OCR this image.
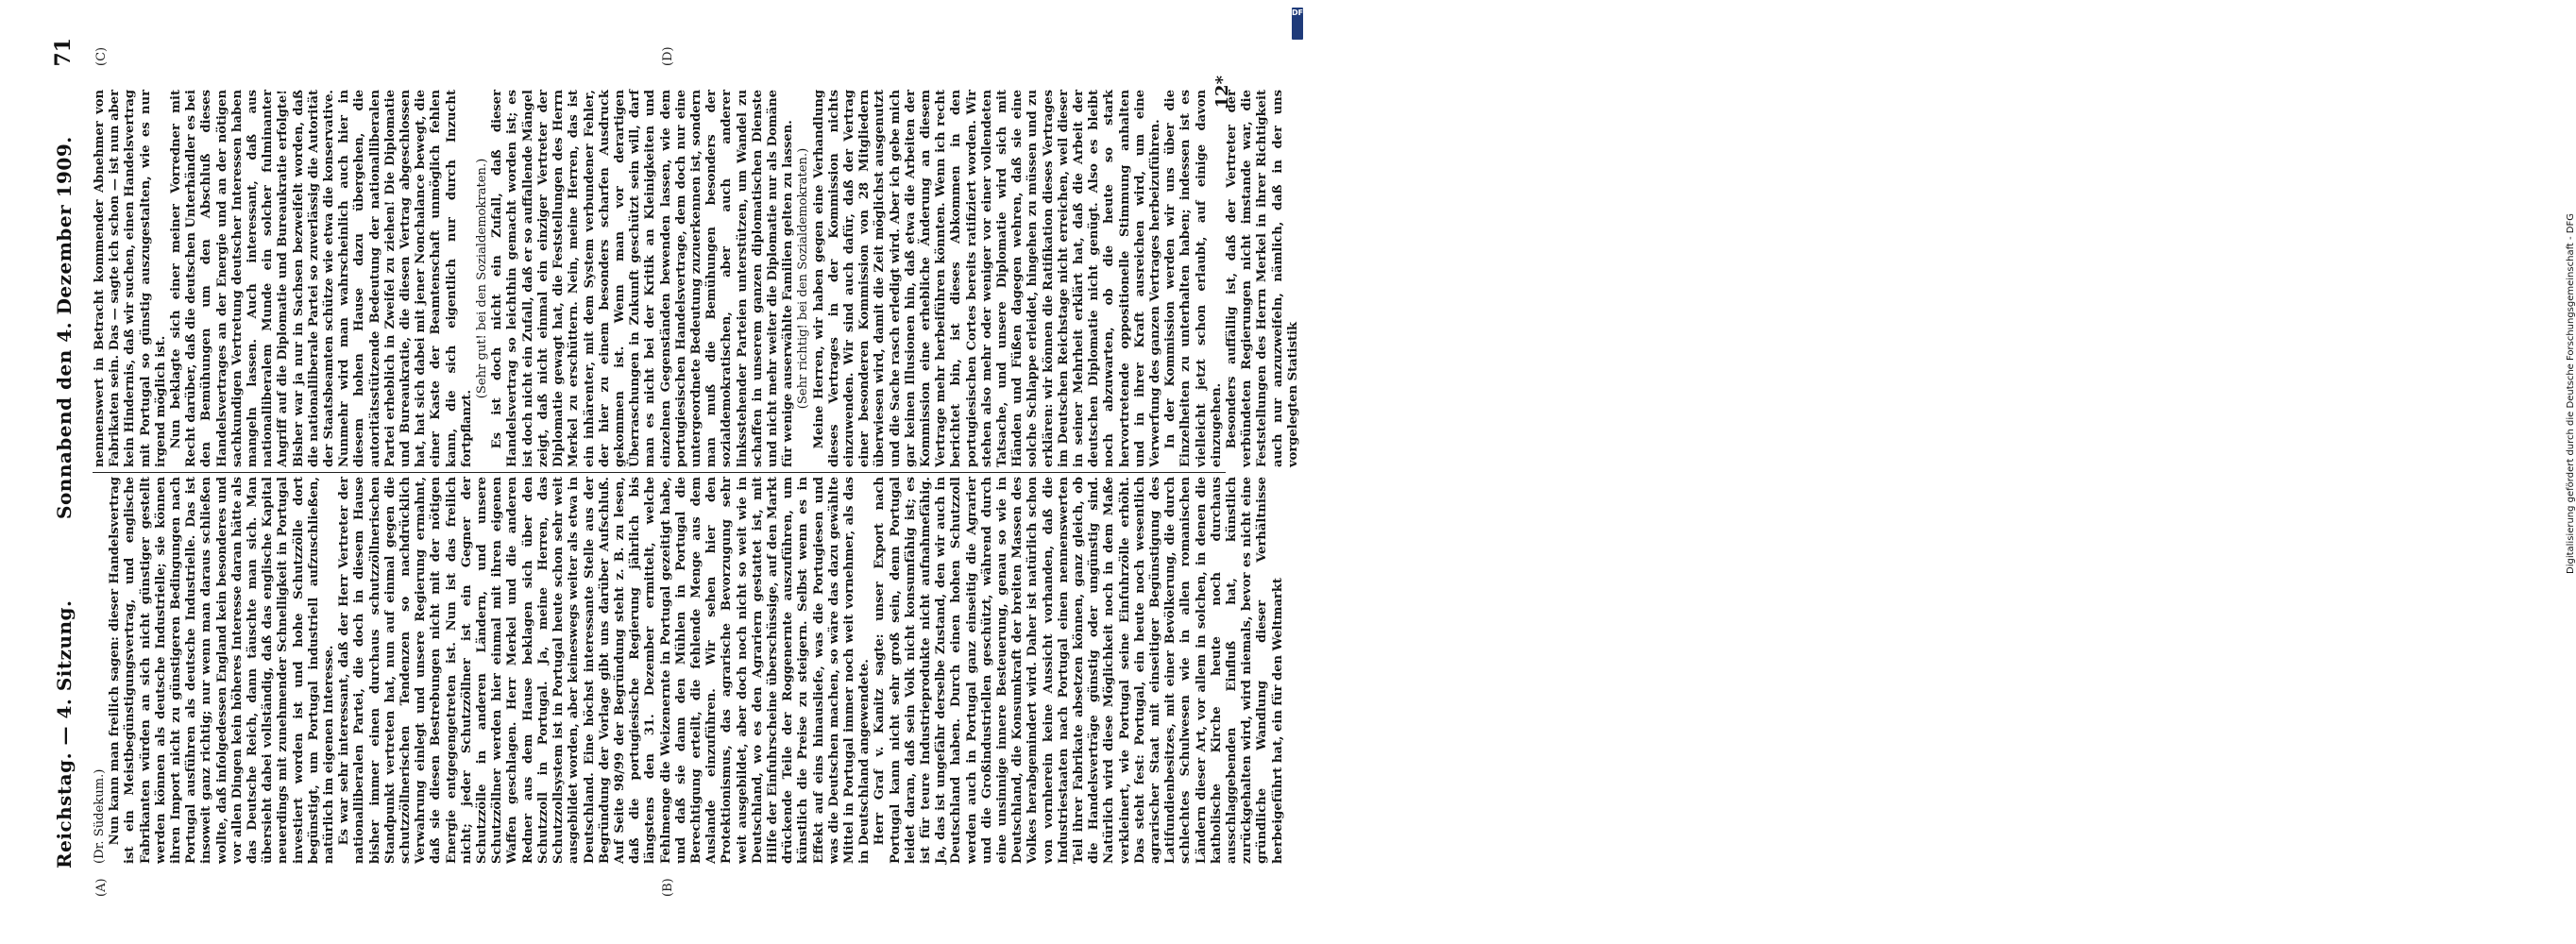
Reichstag. — 4. Sitzung.
Sonnabend den 4. Dezember 1909.
71
(A)	(B)
(C)	(D)
(Dr. Südekum.) Nun kann man freilich sagen: dieser Handelsvertrag ist ein Meistbegünstigungsvertrag, und englische Fabrikanten würden an sich nicht günstiger gestellt werden können als deutsche Industrielle; sie können ihren Import nicht zu günstigeren Bedingungen nach Portugal ausführen als deutsche Industrielle. Das ist insoweit ganz richtig; nur wenn man daraus schließen wollte, daß infolgedessen England kein besonderes und vor allen Dingen kein höheres Interesse daran hätte als das Deutsche Reich, dann täuschte man sich. Man übersieht dabei vollständig, daß das englische Kapital neuerdings mit zunehmender Schnelligkeit in Portugal investiert worden ist und hohe Schutzzölle dort begünstigt, um Portugal industriell aufzuschließen, natürlich im eigenen Interesse. Es war sehr interessant, daß der Herr Vertreter der nationalliberalen Partei, die doch in diesem Hause bisher immer einen durchaus schutzzöllnerischen Standpunkt vertreten hat, nun auf einmal gegen die schutzzöllnerischen Tendenzen so nachdrücklich Verwahrung einlegt und unsere Regierung ermahnt, daß sie diesen Bestrebungen nicht mit der nötigen Energie entgegengetreten ist. Nun ist das freilich nicht; jeder Schutzzöllner ist ein Gegner der Schutzzölle in anderen Ländern, und unsere Schutzzöllner werden hier einmal mit ihren eigenen Waffen geschlagen. Herr Merkel und die anderen Redner aus dem Hause beklagen sich über den Schutzzoll in Portugal. Ja, meine Herren, das Schutzzollsystem ist in Portugal heute schon sehr weit ausgebildet worden, aber keineswegs weiter als etwa in Deutschland. Eine höchst interessante Stelle aus der Begründung der Vorlage gibt uns darüber Aufschluß. Auf Seite 98/99 der Begründung steht z. B. zu lesen, daß die portugiesische Regierung jährlich bis längstens den 31. Dezember ermittelt, welche Fehlmenge die Weizenernte in Portugal gezeitigt habe, und daß sie dann den Mühlen in Portugal die Berechtigung erteilt, die fehlende Menge aus dem Auslande einzuführen. Wir sehen hier den Protektionismus, das agrarische Bevorzugung sehr weit ausgebildet, aber doch noch nicht so weit wie in Deutschland, wo es den Agrariern gestattet ist, mit Hilfe der Einfuhrscheine überschüssige, auf den Markt drückende Teile der Roggenernte auszuführen, um künstlich die Preise zu steigern. Selbst wenn es in Effekt auf eins hinausliefe, was die Portugiesen und was die Deutschen machen, so wäre das dazu gewählte Mittel in Portugal immer noch weit vornehmer, als das in Deutschland angewendete. Herr Graf v. Kanitz sagte: unser Export nach Portugal kann nicht sehr groß sein, denn Portugal leidet daran, daß sein Volk nicht konsumfähig ist; es ist für teure Industrieprodukte nicht aufnahmefähig. Ja, das ist ungefähr derselbe Zustand, den wir auch in Deutschland haben. Durch einen hohen Schutzzoll werden auch in Portugal ganz einseitig die Agrarier und die Großindustriellen geschützt, während durch eine unsinnige innere Besteuerung, genau so wie in Deutschland, die Konsumkraft der breiten Massen des Volkes herabgemindert wird. Daher ist natürlich schon von vornherein keine Aussicht vorhanden, daß die Industriestaaten nach Portugal einen nennenswerten Teil ihrer Fabrikate absetzen können, ganz gleich, ob die Handelsverträge günstig oder ungünstig sind. Natürlich wird diese Möglichkeit noch in dem Maße verkleinert, wie Portugal seine Einfuhrzölle erhöht. Das steht fest: Portugal, ein heute noch wesentlich agrarischer Staat mit einseitiger Begünstigung des Latifundienbesitzes, mit einer Bevölkerung, die durch schlechtes Schulwesen wie in allen romanischen Ländern dieser Art, vor allem in solchen, in denen die katholische Kirche heute noch durchaus ausschlaggebenden Einfluß hat, künstlich zurückgehalten wird, wird niemals, bevor es nicht eine gründliche Wandlung dieser Verhältnisse herbeigeführt hat, ein für den Weltmarkt

nennenswert in Betracht kommender Abnehmer von Fabrikaten sein. Das — sagte ich schon — ist nun aber kein Hindernis, daß wir suchen, einen Handelsvertrag mit Portugal so günstig auszugestalten, wie es nur irgend möglich ist. Nun beklagte sich einer meiner Vorredner mit Recht darüber, daß die deutschen Unterhändler es bei den Bemühungen um den Abschluß dieses Handelsvertrages an der Energie und an der nötigen sachkundigen Vertretung deutscher Interessen haben mangeln lassen. Auch interessant, daß aus nationalliberalem Munde ein solcher fulminanter Angriff auf die Diplomatie und Bureaukratie erfolgte! Bisher war ja nur in Sachsen bezweifelt worden, daß die nationalliberale Partei so zuverlässig die Autorität der Staatsbeamten schütze wie etwa die konservative. Nunmehr wird man wahrscheinlich auch hier in diesem hohen Hause dazu übergehen, die autoritätsstützende Bedeutung der nationalliberalen Partei erheblich in Zweifel zu ziehen! Die Diplomatie und Bureaukratie, die diesen Vertrag abgeschlossen hat, hat sich dabei mit jener Nonchalance bewegt, die einer Kaste der Beamtenschaft unmöglich fehlen kann, die sich eigentlich nur durch Inzucht fortpflanzt.

(Sehr gut! bei den Sozialdemokraten.) Es ist doch nicht ein Zufall, daß dieser Handelsvertrag so leichthin gemacht worden ist; es ist doch nicht ein Zufall, daß er so auffallende Mängel zeigt, daß nicht einmal ein einziger Vertreter der Diplomatie gewagt hat, die Feststellungen des Herrn Merkel zu erschüttern. Nein, meine Herren, das ist ein inhärenter, mit dem System verbundener Fehler, der hier zu einem besonders scharfen Ausdruck gekommen ist. Wenn man vor derartigen Überraschungen in Zukunft geschützt sein will, darf man es nicht bei der Kritik an Kleinigkeiten und einzelnen Gegenständen bewenden lassen, wie dem portugiesischen Handelsvertrage, dem doch nur eine untergeordnete Bedeutung zuzuerkennen ist, sondern man muß die Bemühungen besonders der sozialdemokratischen, aber auch anderer linksstehender Parteien unterstützen, um Wandel zu schaffen in unserem ganzen diplomatischen Dienste und nicht mehr weiter die Diplomatie nur als Domäne für wenige auserwählte Familien gelten zu lassen. (Sehr richtig! bei den Sozialdemokraten.) Meine Herren, wir haben gegen eine Verhandlung dieses Vertrages in der Kommission nichts einzuwenden. Wir sind auch dafür, daß der Vertrag einer besonderen Kommission von 28 Mitgliedern überwiesen wird, damit die Zeit möglichst ausgenutzt und die Sache rasch erledigt wird. Aber ich gebe mich gar keinen Illusionen hin, daß etwa die Arbeiten der Kommission eine erhebliche Änderung an diesem Vertrage mehr herbeiführen könnten. Wenn ich recht berichtet bin, ist dieses Abkommen in den portugiesischen Cortes bereits ratifiziert worden. Wir stehen also mehr oder weniger vor einer vollendeten Tatsache, und unsere Diplomatie wird sich mit Händen und Füßen dagegen wehren, daß sie eine solche Schlappe erleidet, hingehen zu müssen und zu erklären: wir können die Ratifikation dieses Vertrages im Deutschen Reichstage nicht erreichen, weil dieser in seiner Mehrheit erklärt hat, daß die Arbeit der deutschen Diplomatie nicht genügt. Also es bleibt noch abzuwarten, ob die heute so stark hervortretende oppositionelle Stimmung anhalten und in ihrer Kraft ausreichen wird, um eine Verwerfung des ganzen Vertrages herbeizuführen. In der Kommission werden wir uns über die Einzelheiten zu unterhalten haben; indessen ist es vielleicht jetzt schon erlaubt, auf einige davon einzugehen. Besonders auffällig ist, daß der Vertreter der verbündeten Regierungen nicht imstande war, die Feststellungen des Herrn Merkel in ihrer Richtigkeit auch nur anzuzweifeln, nämlich, daß in der uns vorgelegten Statistik

12*
DFG
Digitalisierung gefördert durch die Deutsche Forschungsgemeinschaft - DFG
